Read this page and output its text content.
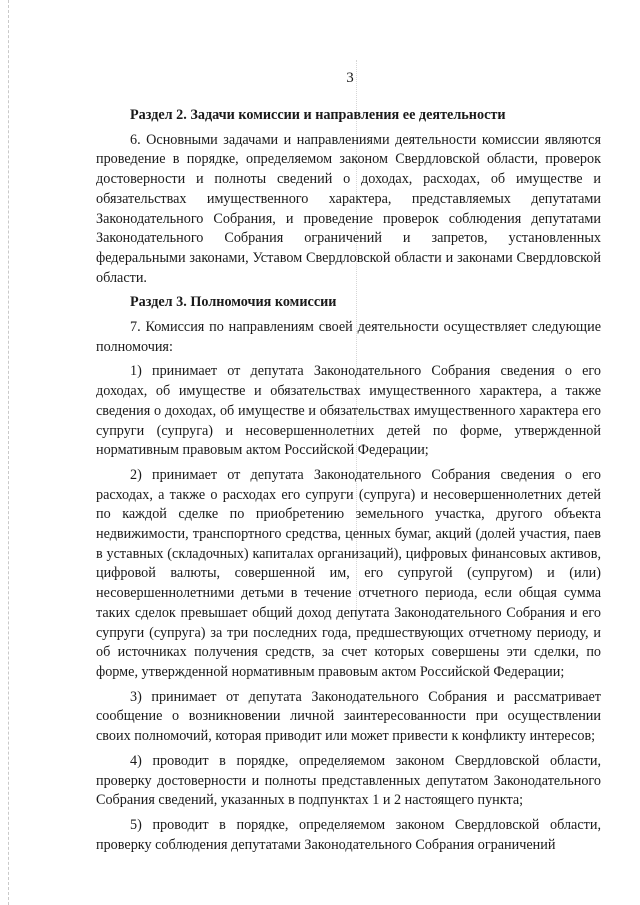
3

Раздел 2. Задачи комиссии и направления ее деятельности

6. Основными задачами и направлениями деятельности комиссии являются проведение в порядке, определяемом законом Свердловской области, проверок достоверности и полноты сведений о доходах, расходах, об имуществе и обязательствах имущественного характера, представляемых депутатами Законодательного Собрания, и проведение проверок соблюдения депутатами Законодательного Собрания ограничений и запретов, установленных федеральными законами, Уставом Свердловской области и законами Свердловской области.

Раздел 3. Полномочия комиссии

7. Комиссия по направлениям своей деятельности осуществляет следующие полномочия:

1) принимает от депутата Законодательного Собрания сведения о его доходах, об имуществе и обязательствах имущественного характера, а также сведения о доходах, об имуществе и обязательствах имущественного характера его супруги (супруга) и несовершеннолетних детей по форме, утвержденной нормативным правовым актом Российской Федерации;

2) принимает от депутата Законодательного Собрания сведения о его расходах, а также о расходах его супруги (супруга) и несовершеннолетних детей по каждой сделке по приобретению земельного участка, другого объекта недвижимости, транспортного средства, ценных бумаг, акций (долей участия, паев в уставных (складочных) капиталах организаций), цифровых финансовых активов, цифровой валюты, совершенной им, его супругой (супругом) и (или) несовершеннолетними детьми в течение отчетного периода, если общая сумма таких сделок превышает общий доход депутата Законодательного Собрания и его супруги (супруга) за три последних года, предшествующих отчетному периоду, и об источниках получения средств, за счет которых совершены эти сделки, по форме, утвержденной нормативным правовым актом Российской Федерации;

3) принимает от депутата Законодательного Собрания и рассматривает сообщение о возникновении личной заинтересованности при осуществлении своих полномочий, которая приводит или может привести к конфликту интересов;

4) проводит в порядке, определяемом законом Свердловской области, проверку достоверности и полноты представленных депутатом Законодательного Собрания сведений, указанных в подпунктах 1 и 2 настоящего пункта;

5) проводит в порядке, определяемом законом Свердловской области, проверку соблюдения депутатами Законодательного Собрания ограничений
